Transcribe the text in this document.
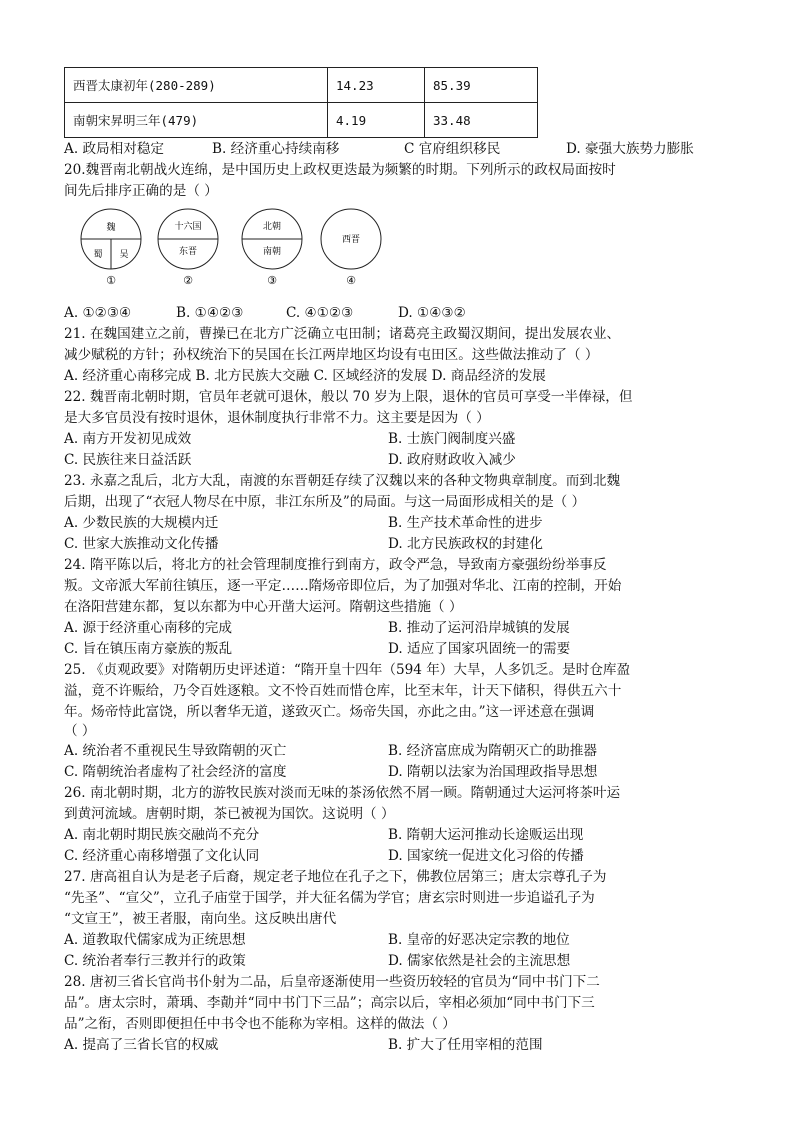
西晋太康初年(280-289)	14.23	85.39
南朝宋昇明三年(479)	4.19	33.48
A. 政局相对稳定	B. 经济重心持续南移	C 官府组织移民	D. 豪强大族势力膨胀
20.魏晋南北朝战火连绵，是中国历史上政权更迭最为频繁的时期。下列所示的政权局面按时
间先后排序正确的是（ ）
魏
蜀 吴
①
十六国
东晋
②
北朝
南朝
③
西晋
④
A. ①②③④	B. ①④②③	C. ④①②③	D. ①④③②
21. 在魏国建立之前，曹操已在北方广泛确立屯田制；诸葛亮主政蜀汉期间，提出发展农业、
减少赋税的方针；孙权统治下的吴国在长江两岸地区均设有屯田区。这些做法推动了（ ）
A. 经济重心南移完成 B. 北方民族大交融 C. 区域经济的发展 D. 商品经济的发展
22. 魏晋南北朝时期，官员年老就可退休，般以 70 岁为上限，退休的官员可享受一半俸禄，但
是大多官员没有按时退休，退休制度执行非常不力。这主要是因为（ ）
A. 南方开发初见成效	B. 士族门阀制度兴盛
C. 民族往来日益活跃	D. 政府财政收入减少
23. 永嘉之乱后，北方大乱，南渡的东晋朝廷存续了汉魏以来的各种文物典章制度。而到北魏
后期，出现了“衣冠人物尽在中原，非江东所及”的局面。与这一局面形成相关的是（ ）
A. 少数民族的大规模内迁	B. 生产技术革命性的进步
C. 世家大族推动文化传播	D. 北方民族政权的封建化
24. 隋平陈以后，将北方的社会管理制度推行到南方，政令严急，导致南方豪强纷纷举事反
叛。文帝派大军前往镇压，逐一平定……隋炀帝即位后，为了加强对华北、江南的控制，开始
在洛阳营建东都，复以东都为中心开凿大运河。隋朝这些措施（ ）
A. 源于经济重心南移的完成	B. 推动了运河沿岸城镇的发展
C. 旨在镇压南方豪族的叛乱	D. 适应了国家巩固统一的需要
25. 《贞观政要》对隋朝历史评述道：“隋开皇十四年（594 年）大旱，人多饥乏。是时仓库盈
溢，竟不许赈给，乃令百姓逐粮。文不怜百姓而惜仓库，比至末年，计天下储积，得供五六十
年。炀帝恃此富饶，所以奢华无道，遂致灭亡。炀帝失国，亦此之由。”这一评述意在强调
（ ）
A. 统治者不重视民生导致隋朝的灭亡	B. 经济富庶成为隋朝灭亡的助推器
C. 隋朝统治者虚构了社会经济的富度	D. 隋朝以法家为治国理政指导思想
26. 南北朝时期，北方的游牧民族对淡而无味的茶汤依然不屑一顾。隋朝通过大运河将茶叶运
到黄河流域。唐朝时期，茶已被视为国饮。这说明（ ）
A. 南北朝时期民族交融尚不充分	B. 隋朝大运河推动长途贩运出现
C. 经济重心南移增强了文化认同	D. 国家统一促进文化习俗的传播
27. 唐高祖自认为是老子后裔，规定老子地位在孔子之下，佛教位居第三；唐太宗尊孔子为
“先圣”、“宣父”，立孔子庙堂于国学，并大征名儒为学官；唐玄宗时则进一步追谥孔子为
“文宣王”，被王者服，南向坐。这反映出唐代
A. 道教取代儒家成为正统思想	B. 皇帝的好恶决定宗教的地位
C. 统治者奉行三教并行的政策	D. 儒家依然是社会的主流思想
28. 唐初三省长官尚书仆射为二品，后皇帝逐渐使用一些资历较轻的官员为“同中书门下二
品”。唐太宗时，萧瑀、李勣并“同中书门下三品”；高宗以后，宰相必须加“同中书门下三
品”之衔，否则即便担任中书令也不能称为宰相。这样的做法（ ）
A. 提高了三省长官的权威	B. 扩大了任用宰相的范围
